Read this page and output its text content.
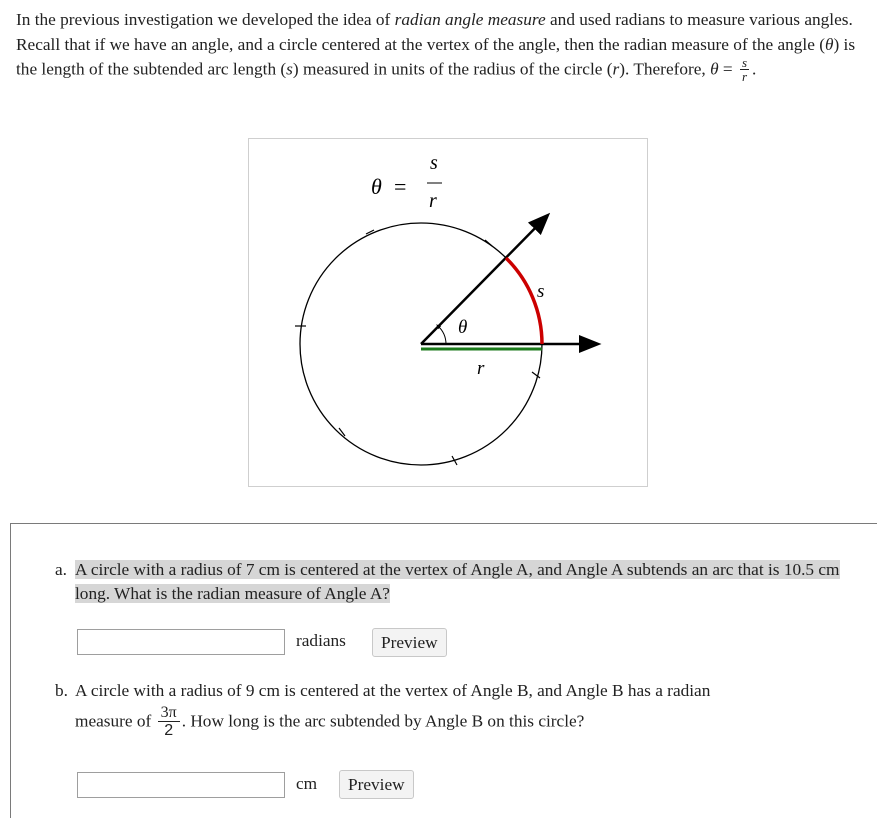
In the previous investigation we developed the idea of radian angle measure and used radians to measure various angles. Recall that if we have an angle, and a circle centered at the vertex of the angle, then the radian measure of the angle (θ) is the length of the subtended arc length (s) measured in units of the radius of the circle (r). Therefore, $\theta = \frac{s}{r}$ .

θ =
s
r
θ
s
r
a. A circle with a radius of 7 cm is centered at the vertex of Angle A, and Angle A subtends an arc that is 10.5 cm long. What is the radian measure of Angle A?
radians	Preview
b. A circle with a radius of 9 cm is centered at the vertex of Angle B, and Angle B has a radian
measure of $\frac{3\pi}{2}$ . How long is the arc subtended by Angle B on this circle?
cm	Preview
